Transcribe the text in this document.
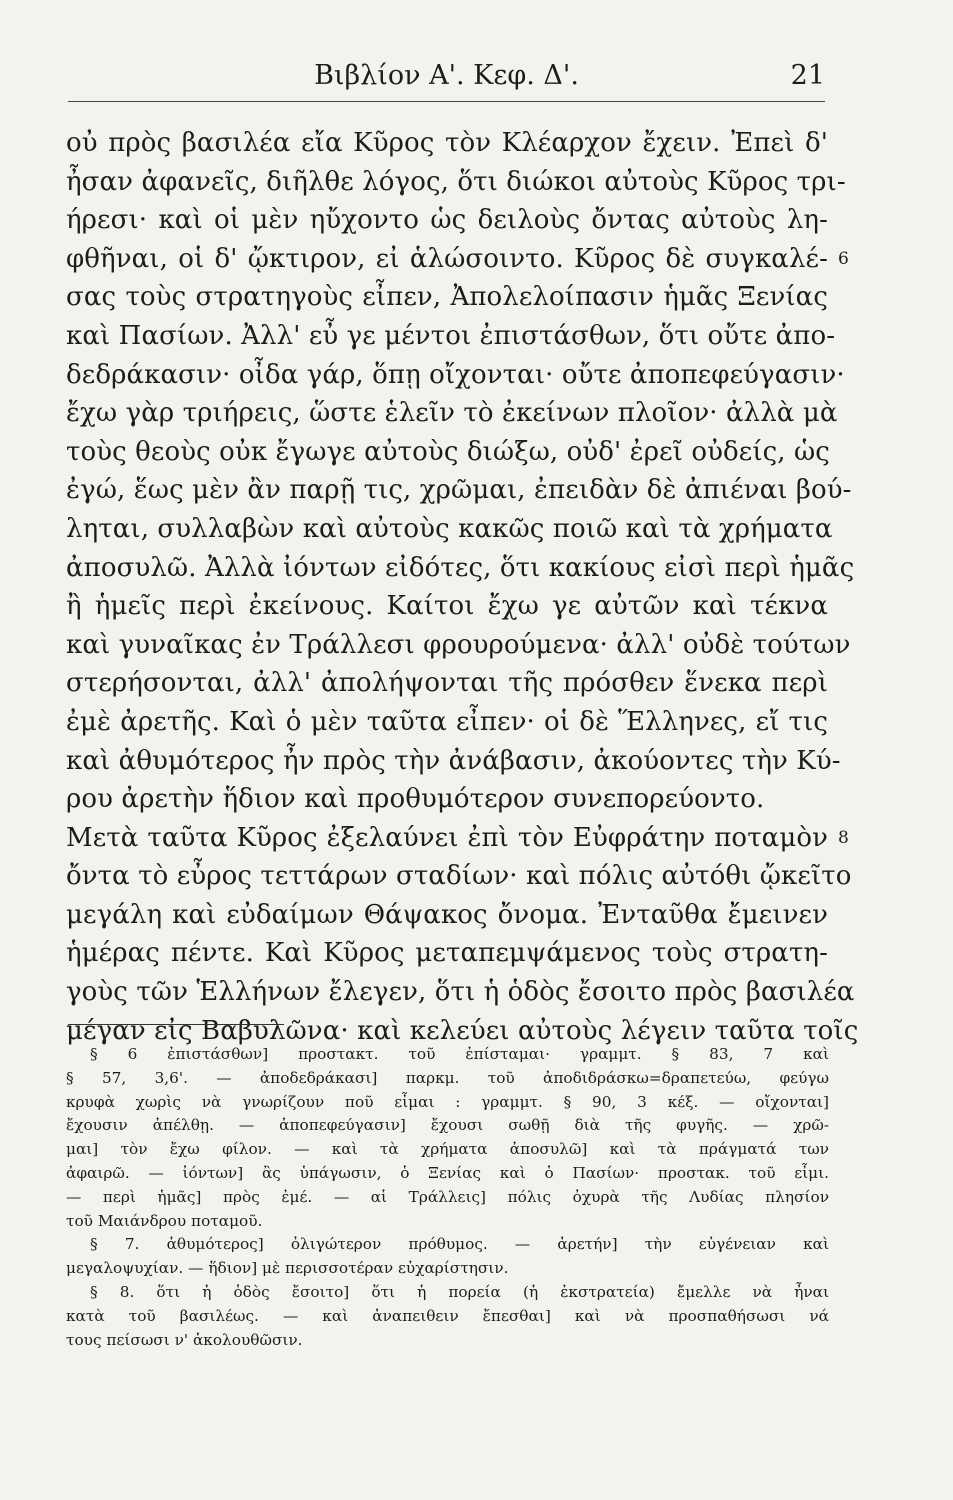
Βιβλίον Α'. Κεφ. Δ'.	21
οὐ πρὸς βασιλέα εἴα Κῦρος τὸν Κλέαρχον ἔχειν. Ἐπεὶ δ'
ἦσαν ἀφανεῖς, διῆλθε λόγος, ὅτι διώκοι αὐτοὺς Κῦρος τρι-
ήρεσι· καὶ οἱ μὲν ηὔχοντο ὡς δειλοὺς ὄντας αὐτοὺς λη-
φθῆναι, οἱ δ' ᾤκτιρον, εἰ ἁλώσοιντο. Κῦρος δὲ συγκαλέ-
σας τοὺς στρατηγοὺς εἶπεν, Ἀπολελοίπασιν ἡμᾶς Ξενίας
καὶ Πασίων. Ἀλλ' εὖ γε μέντοι ἐπιστάσθων, ὅτι οὔτε ἀπο-
δεδράκασιν· οἶδα γάρ, ὅπῃ οἴχονται· οὔτε ἀποπεφεύγασιν·
ἔχω γὰρ τριήρεις, ὥστε ἑλεῖν τὸ ἐκείνων πλοῖον· ἀλλὰ μὰ
τοὺς θεοὺς οὐκ ἔγωγε αὐτοὺς διώξω, οὐδ' ἐρεῖ οὐδείς, ὡς
ἐγώ, ἕως μὲν ἂν παρῇ τις, χρῶμαι, ἐπειδὰν δὲ ἀπιέναι βού-
ληται, συλλαβὼν καὶ αὐτοὺς κακῶς ποιῶ καὶ τὰ χρήματα
ἀποσυλῶ. Ἀλλὰ ἰόντων εἰδότες, ὅτι κακίους εἰσὶ περὶ ἡμᾶς
ἢ ἡμεῖς περὶ ἐκείνους. Καίτοι ἔχω γε αὐτῶν καὶ τέκνα
καὶ γυναῖκας ἐν Τράλλεσι φρουρούμενα· ἀλλ' οὐδὲ τούτων
στερήσονται, ἀλλ' ἀπολήψονται τῆς πρόσθεν ἕνεκα περὶ
ἐμὲ ἀρετῆς. Καὶ ὁ μὲν ταῦτα εἶπεν· οἱ δὲ Ἕλληνες, εἴ τις
καὶ ἀθυμότερος ἦν πρὸς τὴν ἀνάβασιν, ἀκούοντες τὴν Κύ-
ρου ἀρετὴν ἥδιον καὶ προθυμότερον συνεπορεύοντο.
Μετὰ ταῦτα Κῦρος ἐξελαύνει ἐπὶ τὸν Εὐφράτην ποταμὸν
ὄντα τὸ εὖρος τεττάρων σταδίων· καὶ πόλις αὐτόθι ᾤκεῖτο
μεγάλη καὶ εὐδαίμων Θάψακος ὄνομα. Ἐνταῦθα ἔμεινεν
ἡμέρας πέντε. Καὶ Κῦρος μεταπεμψάμενος τοὺς στρατη-
γοὺς τῶν Ἑλλήνων ἔλεγεν, ὅτι ἡ ὁδὸς ἔσοιτο πρὸς βασιλέα
μέγαν εἰς Βαβυλῶνα· καὶ κελεύει αὐτοὺς λέγειν ταῦτα τοῖς
6
8
§ 6 ἐπιστάσθων] προστακτ. τοῦ ἐπίσταμαι· γραμμτ. § 83, 7 καὶ
§ 57, 3,6'. — ἀποδεδράκασι] παρκμ. τοῦ ἀποδιδράσκω=δραπετεύω, φεύγω
κρυφὰ χωρὶς νὰ γνωρίζουν ποῦ εἶμαι : γραμμτ. § 90, 3 κέξ. — οἴχονται]
ἔχουσιν ἀπέλθῃ. — ἀποπεφεύγασιν] ἔχουσι σωθῇ διὰ τῆς φυγῆς. — χρῶ-
μαι] τὸν ἔχω φίλον. — καὶ τὰ χρήματα ἀποσυλῶ] καὶ τὰ πράγματά των
ἀφαιρῶ. — ἰόντων] ἂς ὑπάγωσιν, ὁ Ξενίας καὶ ὁ Πασίων· προστακ. τοῦ εἶμι.
— περὶ ἡμᾶς] πρὸς ἐμέ. — αἱ Τράλλεις] πόλις ὀχυρὰ τῆς Λυδίας πλησίον
τοῦ Μαιάνδρου ποταμοῦ.
§ 7. ἀθυμότερος] ὀλιγώτερον πρόθυμος. — ἀρετήν] τὴν εὐγένειαν καὶ
μεγαλοψυχίαν. — ἥδιον] μὲ περισσοτέραν εὐχαρίστησιν.
§ 8. ὅτι ἡ ὁδὸς ἔσοιτο] ὅτι ἡ πορεία (ἡ ἐκστρατεία) ἔμελλε νὰ ἦναι
κατὰ τοῦ βασιλέως. — καὶ ἀναπειθειν ἔπεσθαι] καὶ νὰ προσπαθήσωσι νά
τους πείσωσι ν' ἀκολουθῶσιν.
